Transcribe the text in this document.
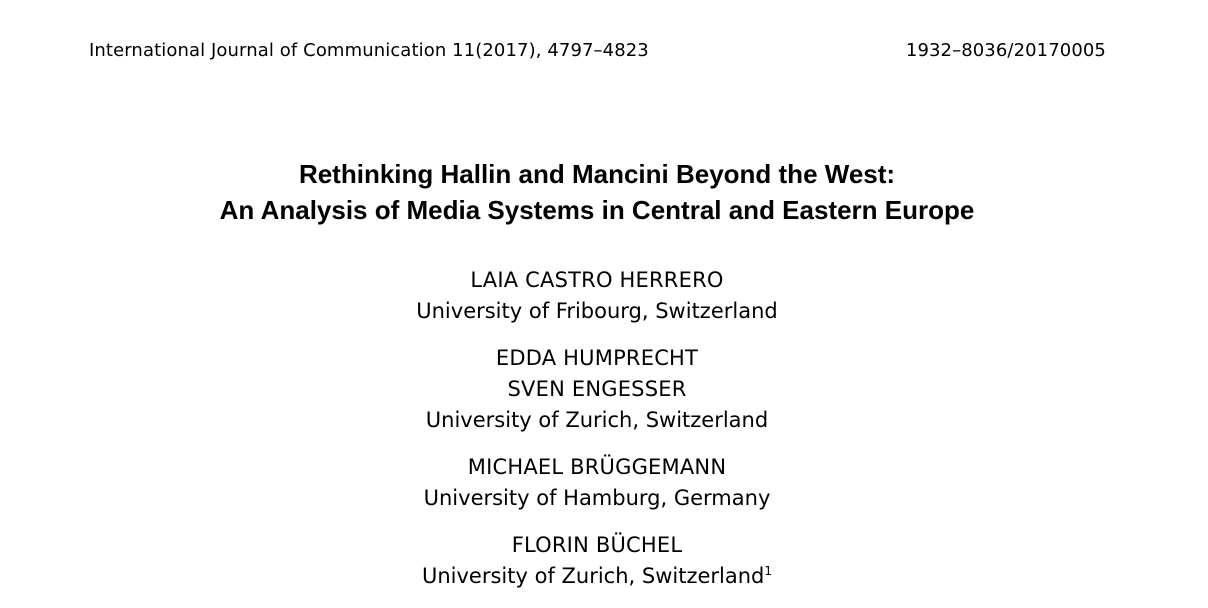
International Journal of Communication 11(2017), 4797–4823	1932–8036/20170005
Rethinking Hallin and Mancini Beyond the West:
An Analysis of Media Systems in Central and Eastern Europe
LAIA CASTRO HERRERO
University of Fribourg, Switzerland
EDDA HUMPRECHT
SVEN ENGESSER
University of Zurich, Switzerland
MICHAEL BRÜGGEMANN
University of Hamburg, Germany
FLORIN BÜCHEL
University of Zurich, Switzerland$^1$
